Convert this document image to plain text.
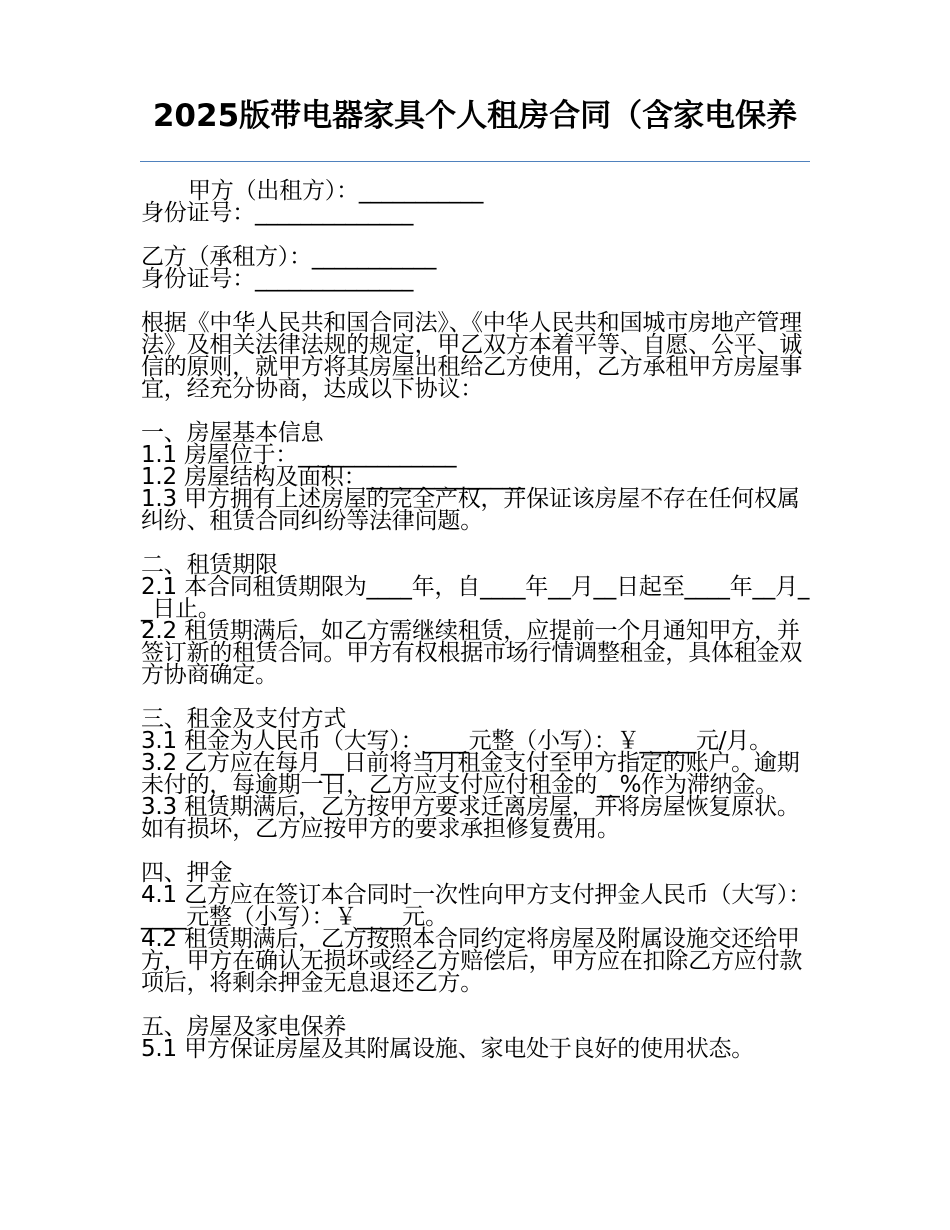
2025版带电器家具个人租房合同（含家电保养

甲方（出租方）：___________

身份证号：______________

乙方（承租方）：___________

身份证号：______________

根据《中华人民共和国合同法》、《中华人民共和国城市房地产管理法》及相关法律法规的规定，甲乙双方本着平等、自愿、公平、诚信的原则，就甲方将其房屋出租给乙方使用，乙方承租甲方房屋事宜，经充分协商，达成以下协议：

一、房屋基本信息

1.1 房屋位于：______________

1.2 房屋结构及面积：______________

1.3 甲方拥有上述房屋的完全产权，并保证该房屋不存在任何权属纠纷、租赁合同纠纷等法律问题。

二、租赁期限

2.1 本合同租赁期限为____年，自____年__月__日起至____年__月__日止。

2.2 租赁期满后，如乙方需继续租赁，应提前一个月通知甲方，并签订新的租赁合同。甲方有权根据市场行情调整租金，具体租金双方协商确定。

三、租金及支付方式

3.1 租金为人民币（大写）：____元整（小写）：￥_____元/月。

3.2 乙方应在每月__日前将当月租金支付至甲方指定的账户。逾期未付的，每逾期一日，乙方应支付应付租金的__%作为滞纳金。

3.3 租赁期满后，乙方按甲方要求迁离房屋，并将房屋恢复原状。如有损坏，乙方应按甲方的要求承担修复费用。

四、押金

4.1 乙方应在签订本合同时一次性向甲方支付押金人民币（大写）：____元整（小写）：￥____元。

4.2 租赁期满后，乙方按照本合同约定将房屋及附属设施交还给甲方，甲方在确认无损坏或经乙方赔偿后，甲方应在扣除乙方应付款项后，将剩余押金无息退还乙方。

五、房屋及家电保养

5.1 甲方保证房屋及其附属设施、家电处于良好的使用状态。
